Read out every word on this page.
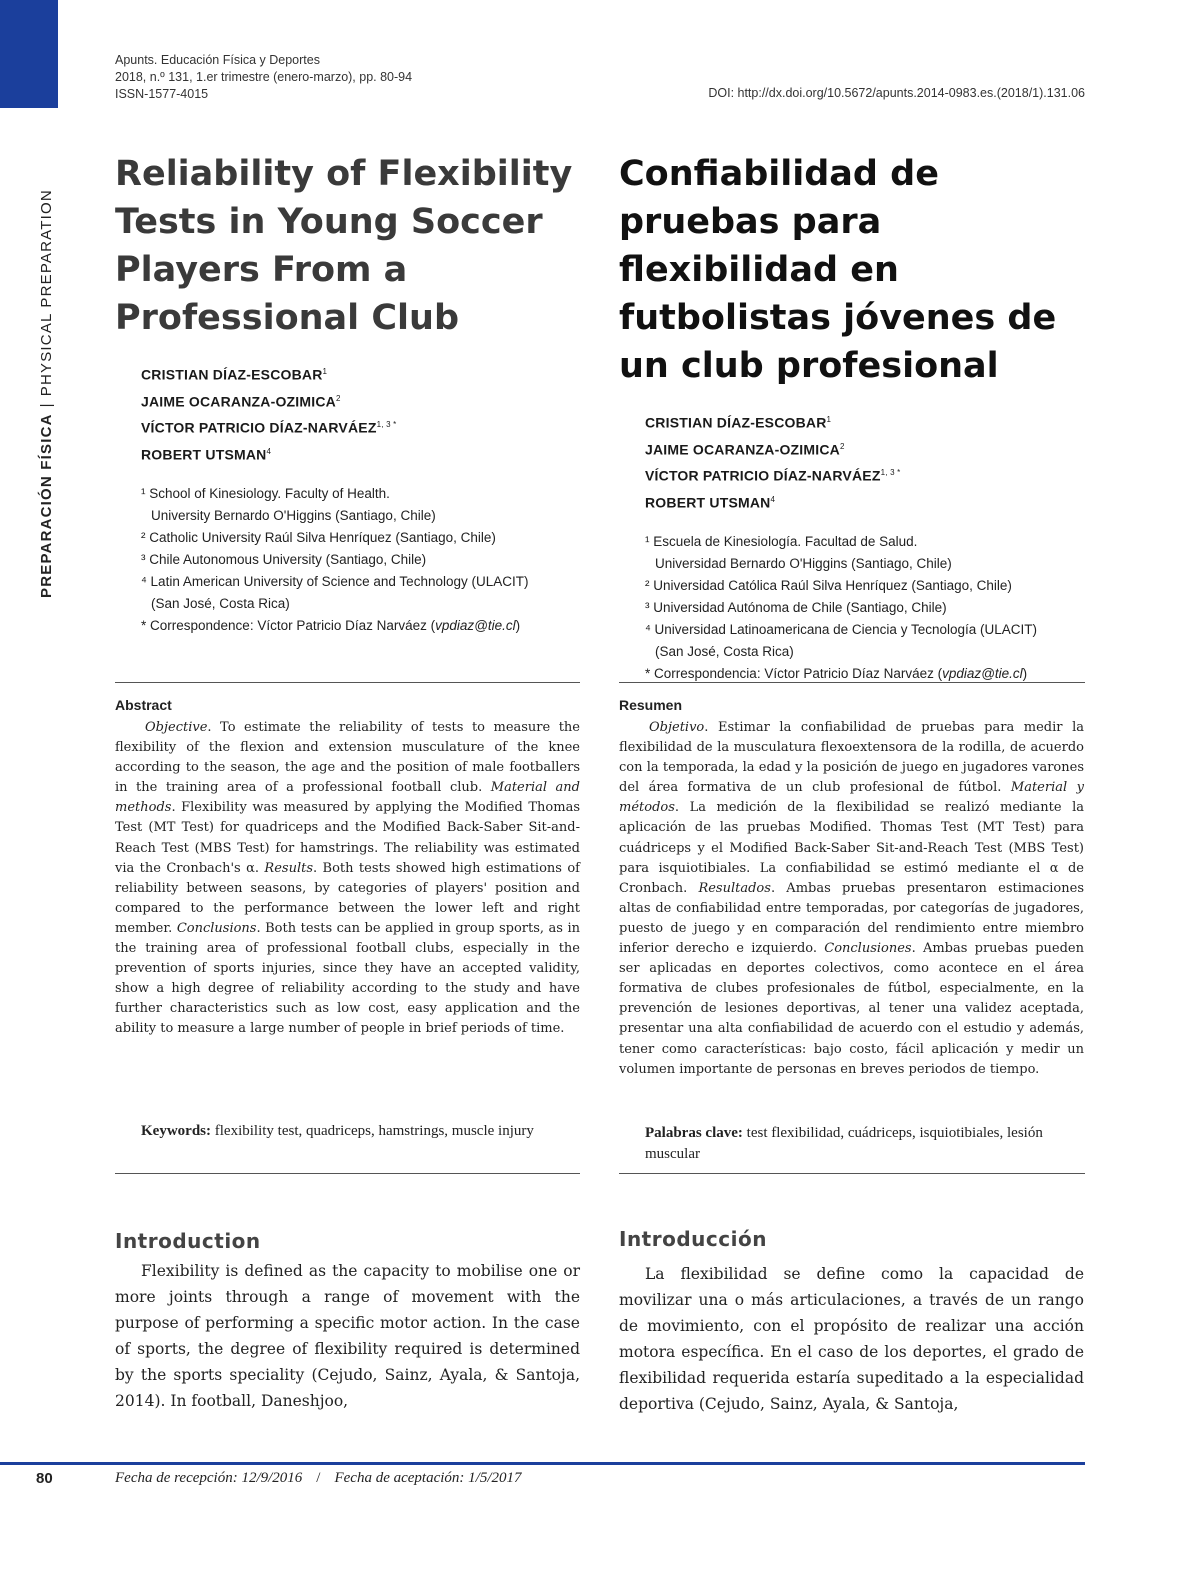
PREPARACIÓN FÍSICA|PHYSICAL PREPARATION
Apunts. Educación Física y Deportes
2018, n.º 131, 1.er trimestre (enero-marzo), pp. 80-94
ISSN-1577-4015	DOI: http://dx.doi.org/10.5672/apunts.2014-0983.es.(2018/1).131.06
Reliability of Flexibility Tests in Young Soccer Players From a Professional Club
CRISTIAN DÍAZ-ESCOBAR$^1$
JAIME OCARANZA-OZIMICA$^2$
VÍCTOR PATRICIO DÍAZ-$NARVÁEZ^{1, 3 *}$
ROBERT UTSMAN$^4$
¹ School of Kinesiology. Faculty of Health.
University Bernardo O'Higgins (Santiago, Chile)
² Catholic University Raúl Silva Henríquez (Santiago, Chile)
³ Chile Autonomous University (Santiago, Chile)
⁴ Latin American University of Science and Technology (ULACIT)
(San José, Costa Rica)
* Correspondence: Víctor Patricio Díaz Narváez (vpdiaz@tie.cl)
Confiabilidad de pruebas para flexibilidad en futbolistas jóvenes de un club profesional
CRISTIAN DÍAZ-ESCOBAR$^1$
JAIME OCARANZA-OZIMICA$^2$
VÍCTOR PATRICIO DÍAZ-$NARVÁEZ^{1, 3 *}$
ROBERT UTSMAN$^4$
¹ Escuela de Kinesiología. Facultad de Salud.
Universidad Bernardo O'Higgins (Santiago, Chile)
² Universidad Católica Raúl Silva Henríquez (Santiago, Chile)
³ Universidad Autónoma de Chile (Santiago, Chile)
⁴ Universidad Latinoamericana de Ciencia y Tecnología (ULACIT)
(San José, Costa Rica)
* Correspondencia: Víctor Patricio Díaz Narváez (vpdiaz@tie.cl)
Abstract	Resumen

Objective. To estimate the reliability of tests to measure the flexibility of the flexion and extension musculature of the knee according to the season, the age and the position of male footballers in the training area of a professional football club. Material and methods. Flexibility was measured by applying the Modified Thomas Test (MT Test) for quadriceps and the Modified Back-Saber Sit-and-Reach Test (MBS Test) for hamstrings. The reliability was estimated via the Cronbach's α. Results. Both tests showed high estimations of reliability between seasons, by categories of players' position and compared to the performance between the lower left and right member. Conclusions. Both tests can be applied in group sports, as in the training area of professional football clubs, especially in the prevention of sports injuries, since they have an accepted validity, show a high degree of reliability according to the study and have further characteristics such as low cost, easy application and the ability to measure a large number of people in brief periods of time.

Objetivo. Estimar la confiabilidad de pruebas para medir la flexibilidad de la musculatura flexoextensora de la rodilla, de acuerdo con la temporada, la edad y la posición de juego en jugadores varones del área formativa de un club profesional de fútbol. Material y métodos. La medición de la flexibilidad se realizó mediante la aplicación de las pruebas Modified. Thomas Test (MT Test) para cuádriceps y el Modified Back-Saber Sit-and-Reach Test (MBS Test) para isquiotibiales. La confiabilidad se estimó mediante el α de Cronbach. Resultados. Ambas pruebas presentaron estimaciones altas de confiabilidad entre temporadas, por categorías de jugadores, puesto de juego y en comparación del rendimiento entre miembro inferior derecho e izquierdo. Conclusiones. Ambas pruebas pueden ser aplicadas en deportes colectivos, como acontece en el área formativa de clubes profesionales de fútbol, especialmente, en la prevención de lesiones deportivas, al tener una validez aceptada, presentar una alta confiabilidad de acuerdo con el estudio y además, tener como características: bajo costo, fácil aplicación y medir un volumen importante de personas en breves periodos de tiempo.

Keywords: flexibility test, quadriceps, hamstrings, muscle injury	Palabras clave: test flexibilidad, cuádriceps, isquiotibiales, lesión muscular
Introduction	Introducción

Flexibility is defined as the capacity to mobilise one or more joints through a range of movement with the purpose of performing a specific motor action. In the case of sports, the degree of flexibility required is determined by the sports speciality (Cejudo, Sainz, Ayala, & Santoja, 2014). In football, Daneshjoo,

La flexibilidad se define como la capacidad de movilizar una o más articulaciones, a través de un rango de movimiento, con el propósito de realizar una acción motora específica. En el caso de los deportes, el grado de flexibilidad requerida estaría supeditado a la especialidad deportiva (Cejudo, Sainz, Ayala, & Santoja,

80	Fecha de recepción: 12/9/2016 / Fecha de aceptación: 1/5/2017
